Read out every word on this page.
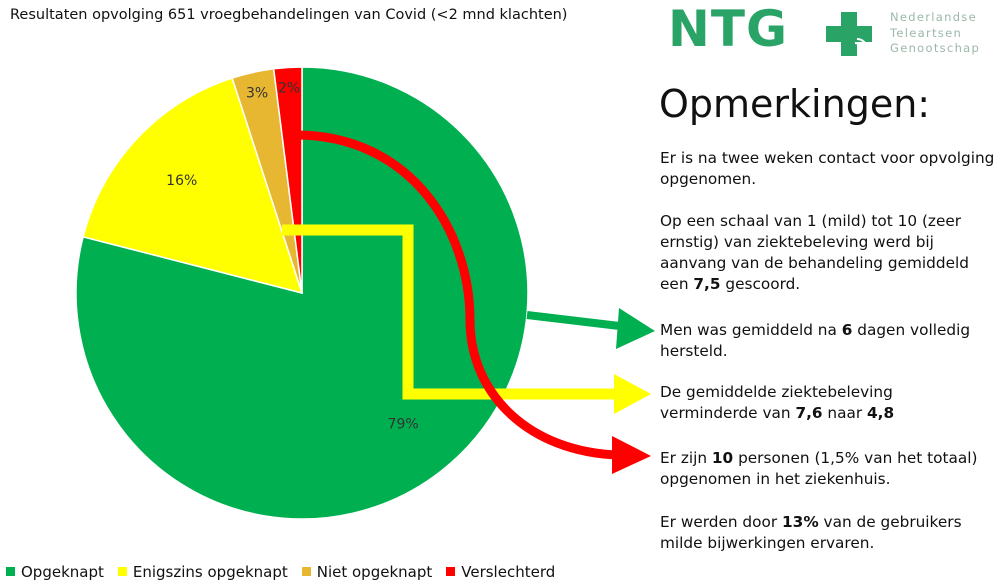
Resultaten opvolging 651 vroegbehandelingen van Covid (<2 mnd klachten)
79%
16%
3% 2%
NTG	Nederlandse
Teleartsen
Genootschap
Opmerkingen:
Er is na twee weken contact voor opvolging opgenomen.
Op een schaal van 1 (mild) tot 10 (zeer ernstig) van ziektebeleving werd bij aanvang van de behandeling gemiddeld een 7,5 gescoord.
Men was gemiddeld na 6 dagen volledig hersteld.
De gemiddelde ziektebeleving verminderde van 7,6 naar 4,8
Er zijn 10 personen (1,5% van het totaal) opgenomen in het ziekenhuis.
Er werden door 13% van de gebruikers milde bijwerkingen ervaren.
Opgeknapt Enigszins opgeknapt Niet opgeknapt Verslechterd
